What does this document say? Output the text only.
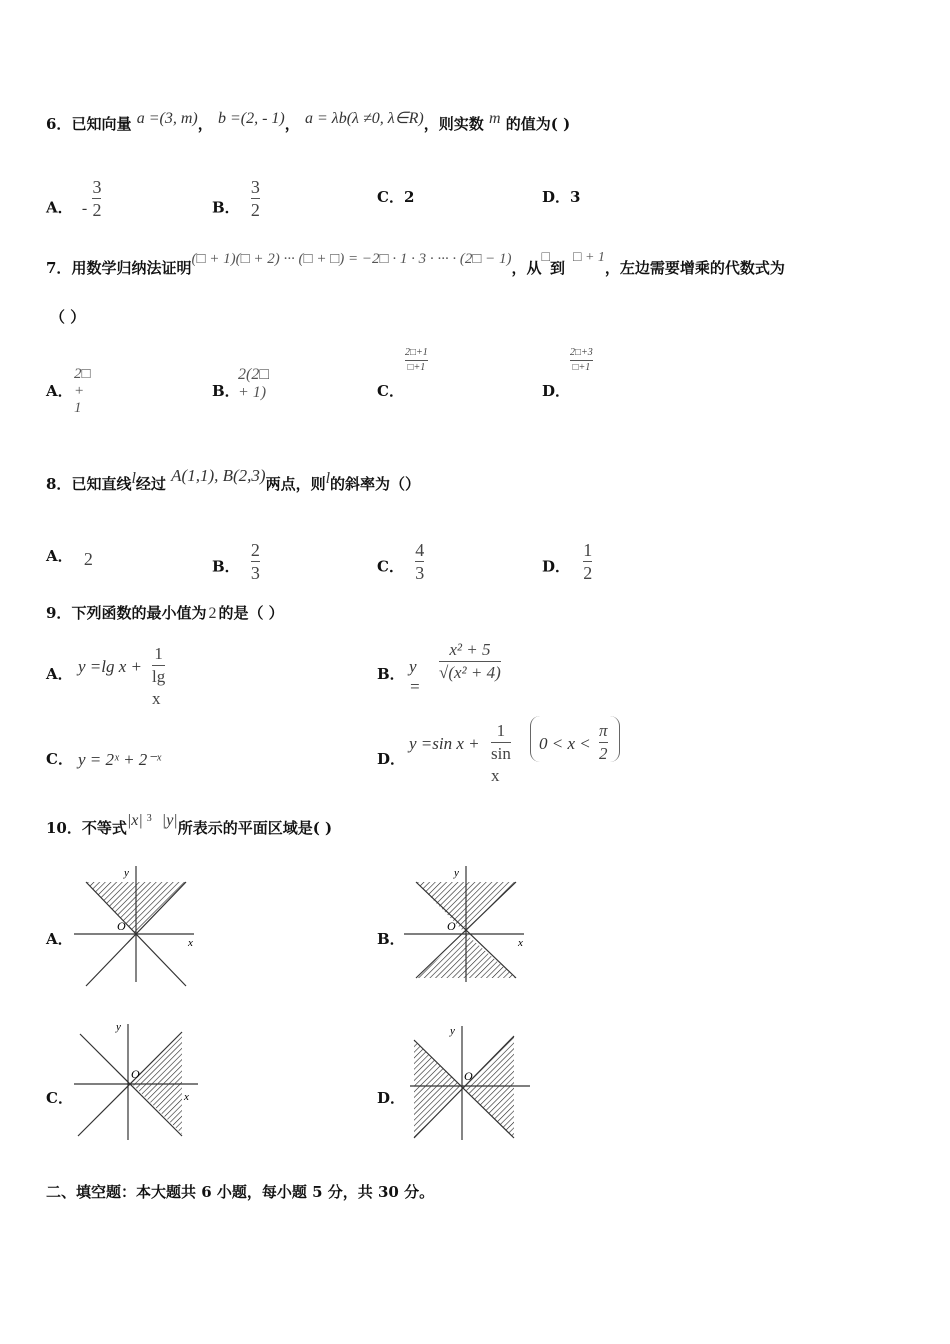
6．已知向量 a =(3, m)， b =(2, - 1)， a = λb(λ ≠0, λ∈R)，则实数 m 的值为( )
A． - $\frac{3}{2}$	B． $\frac{3}{2}$	C．2	D．3
7．用数学归纳法证明(□ + 1)(□ + 2) ··· (□ + □) = −2□ · 1 · 3 · ··· · (2□ − 1)，从□到□ + 1，左边需要增乘的代数式为
（ ）
A．
2□ + 1
B．
2(2□ + 1)	C．
2□+1
□+1
D．
2□+3
□+1
8．已知直线l经过 A(1,1), B(2,3)两点，则l的斜率为（）
A． 2	B． $\frac{2}{3}$	C． $\frac{4}{3}$	D． $\frac{1}{2}$
9．下列函数的最小值为 2 的是（ ）
A． y =lg x +
1
lg x
B． y =
x² + 5
√(x² + 4)
C． y = 2ˣ + 2⁻ˣ	D．
y =sin x +
1
sin x
0 < x <
π
2
10．不等式|x| $^3$ |y|所表示的平面区域是( )
A．	B．
C．	D．
y
x
O
y
x
O
y
x
O
y
O
二、填空题：本大题共 6 小题，每小题 5 分，共 30 分。
